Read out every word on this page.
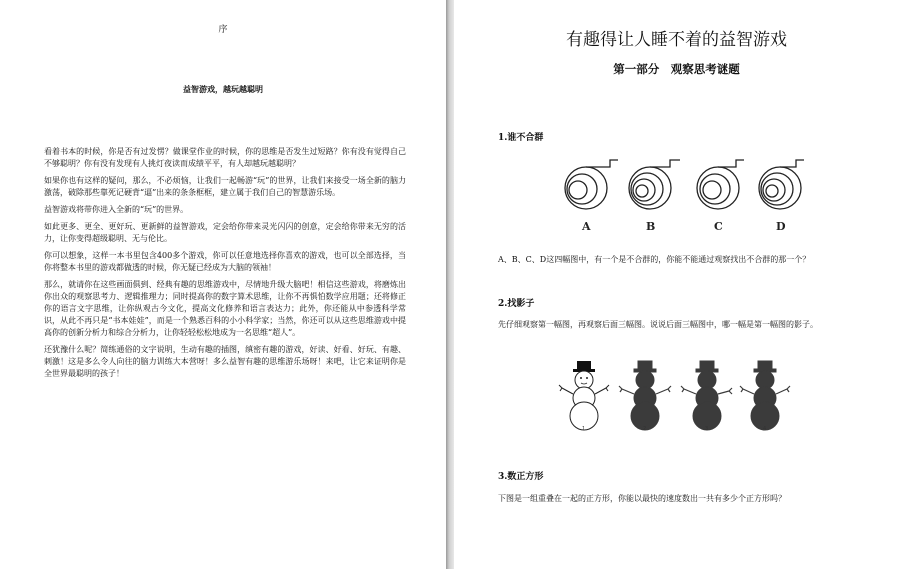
序
益智游戏，越玩越聪明

看着书本的时候，你是否有过发愣？做课堂作业的时候，你的思维是否发生过短路？你有没有觉得自己不够聪明？你有没有发现有人挑灯夜读而成绩平平，有人却越玩越聪明？

如果你也有这样的疑问，那么，不必烦恼，让我们一起畅游“玩”的世界，让我们来接受一场全新的脑力激荡，破除那些靠死记硬背“逼”出来的条条框框，建立属于我们自己的智慧游乐场。

益智游戏将带你进入全新的“玩”的世界。

如此更多、更全、更好玩、更新鲜的益智游戏，定会给你带来灵光闪闪的创意，定会给你带来无穷的活力，让你变得超级聪明、无与伦比。

你可以想象，这样一本书里包含400多个游戏，你可以任意地选择你喜欢的游戏，也可以全部选择，当你将整本书里的游戏都做透的时候，你无疑已经成为大脑的领袖！

那么，就请你在这些画面俱到、经典有趣的思维游戏中，尽情地升级大脑吧！相信这些游戏，将磨炼出你出众的观察思考力、逻辑推理力；同时提高你的数字算术思维，让你不再惧怕数学应用题；还将修正你的语言文字思维，让你纵观古今文化，提高文化修养和语言表达力；此外，你还能从中参透科学常识，从此不再只是“书本娃娃”，而是一个熟悉百科的小小科学家；当然，你还可以从这些思维游戏中提高你的创新分析力和综合分析力，让你轻轻松松地成为一名思维“超人”。

还犹豫什么呢？简练通俗的文字说明，生动有趣的插图，缜密有趣的游戏，好读、好看、好玩、有趣、刺激！这是多么令人向往的脑力训练大本营呀！多么益智有趣的思维游乐场呀！来吧，让它来证明你是全世界最聪明的孩子！

有趣得让人睡不着的益智游戏
第一部分　观察思考谜题
1.谁不合群
A	B	C	D
A、B、C、D这四幅图中，有一个是不合群的，你能不能通过观察找出不合群的那一个？
2.找影子
先仔细观察第一幅图，再观察后面三幅图。说说后面三幅图中，哪一幅是第一幅图的影子。
1	2	3	4
3.数正方形
下图是一组重叠在一起的正方形，你能以最快的速度数出一共有多少个正方形吗？
